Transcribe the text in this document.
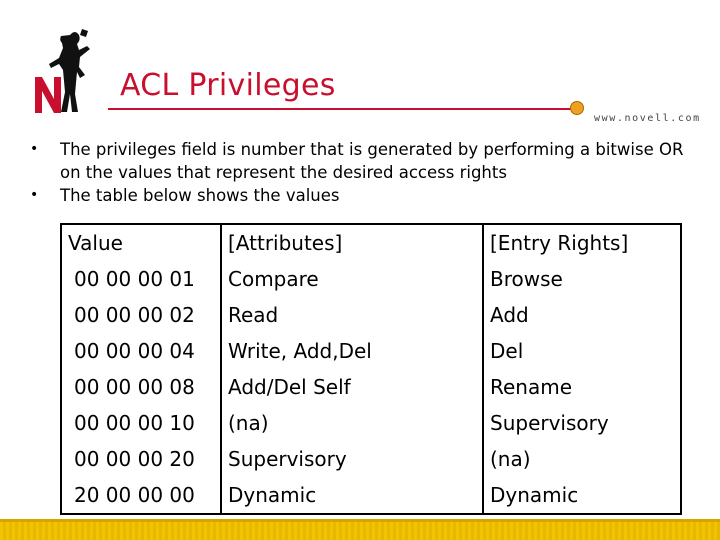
ACL Privileges
www.novell.com
•	The privileges field is number that is generated by performing a bitwise OR on the values that represent the desired access rights
•	The table below shows the values
Value	[Attributes]	[Entry Rights]
00 00 00 01	Compare	Browse
00 00 00 02	Read	Add
00 00 00 04	Write, Add,Del	Del
00 00 00 08	Add/Del Self	Rename
00 00 00 10	(na)	Supervisory
00 00 00 20	Supervisory	(na)
20 00 00 00	Dynamic	Dynamic
